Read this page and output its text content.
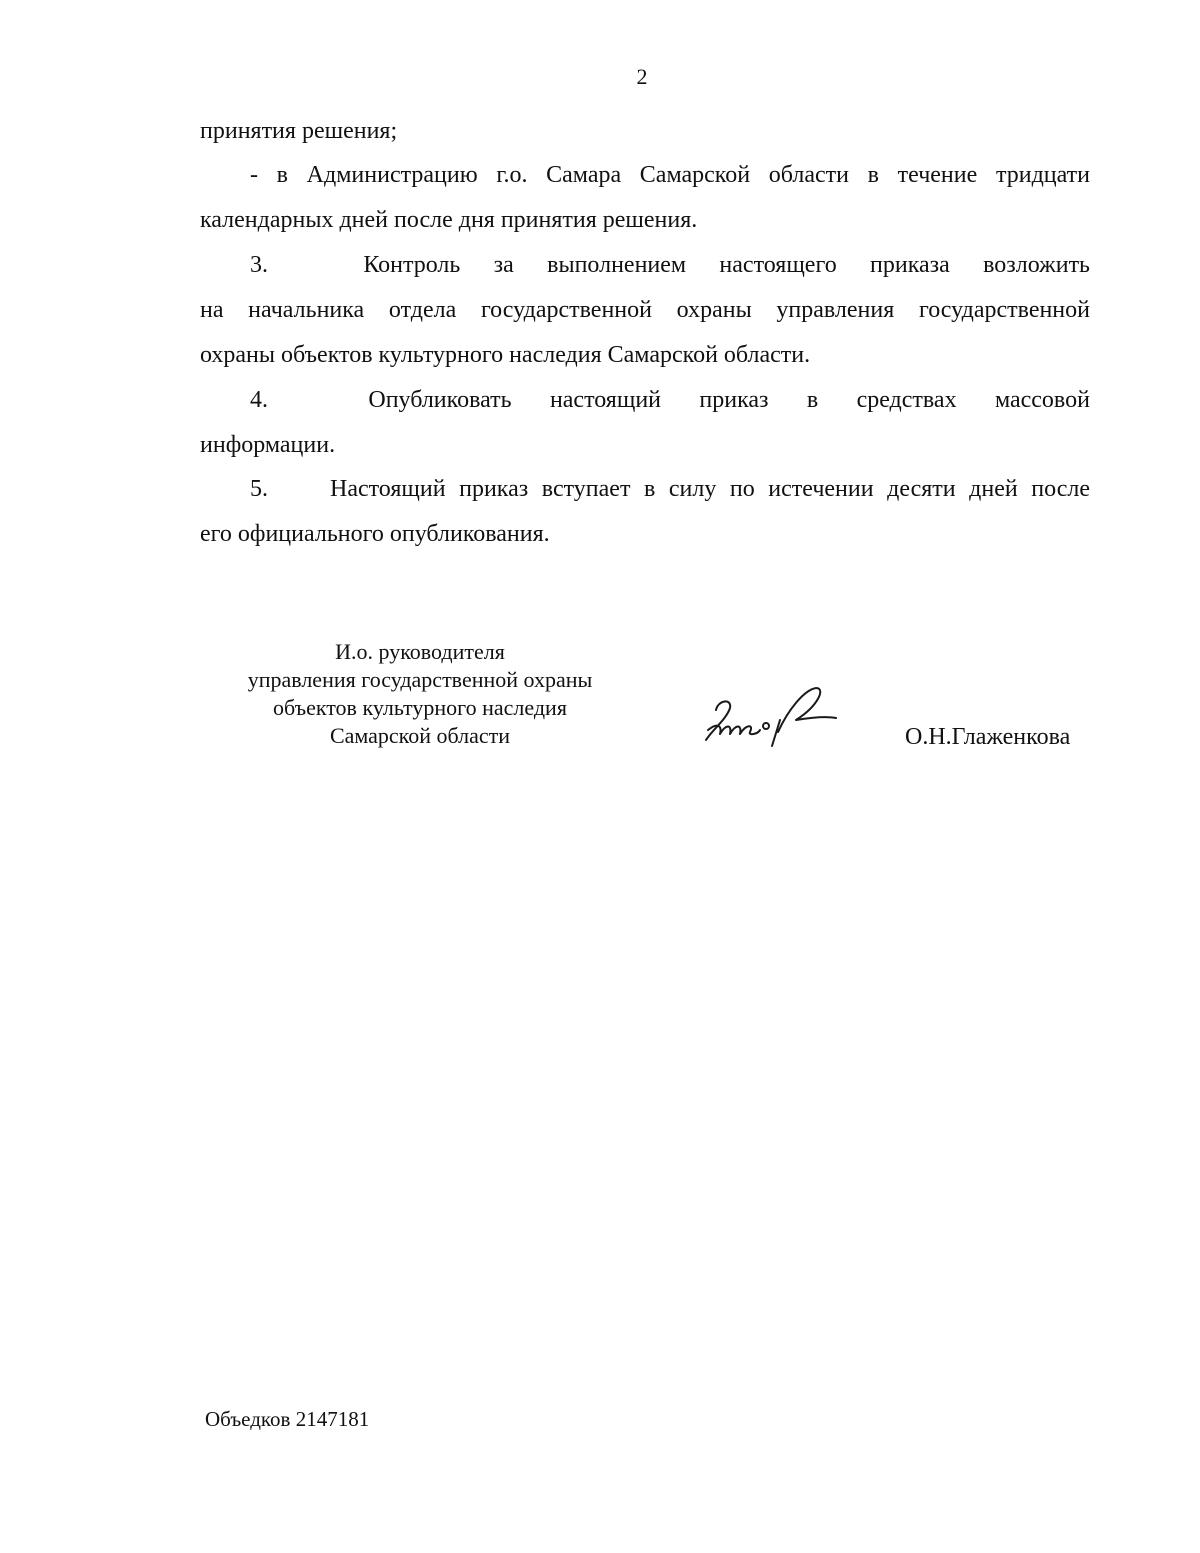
2
принятия решения;
- в Администрацию г.о. Самара Самарской области в течение тридцати
календарных дней после дня принятия решения.
3.	Контроль за выполнением настоящего приказа возложить
на начальника отдела государственной охраны управления государственной
охраны объектов культурного наследия Самарской области.
4.	Опубликовать настоящий приказ в средствах массовой
информации.
5.	Настоящий приказ вступает в силу по истечении десяти дней после
его официального опубликования.
И.о. руководителя
управления государственной охраны
объектов культурного наследия
Самарской области	О.Н.Глаженкова
Объедков 2147181
